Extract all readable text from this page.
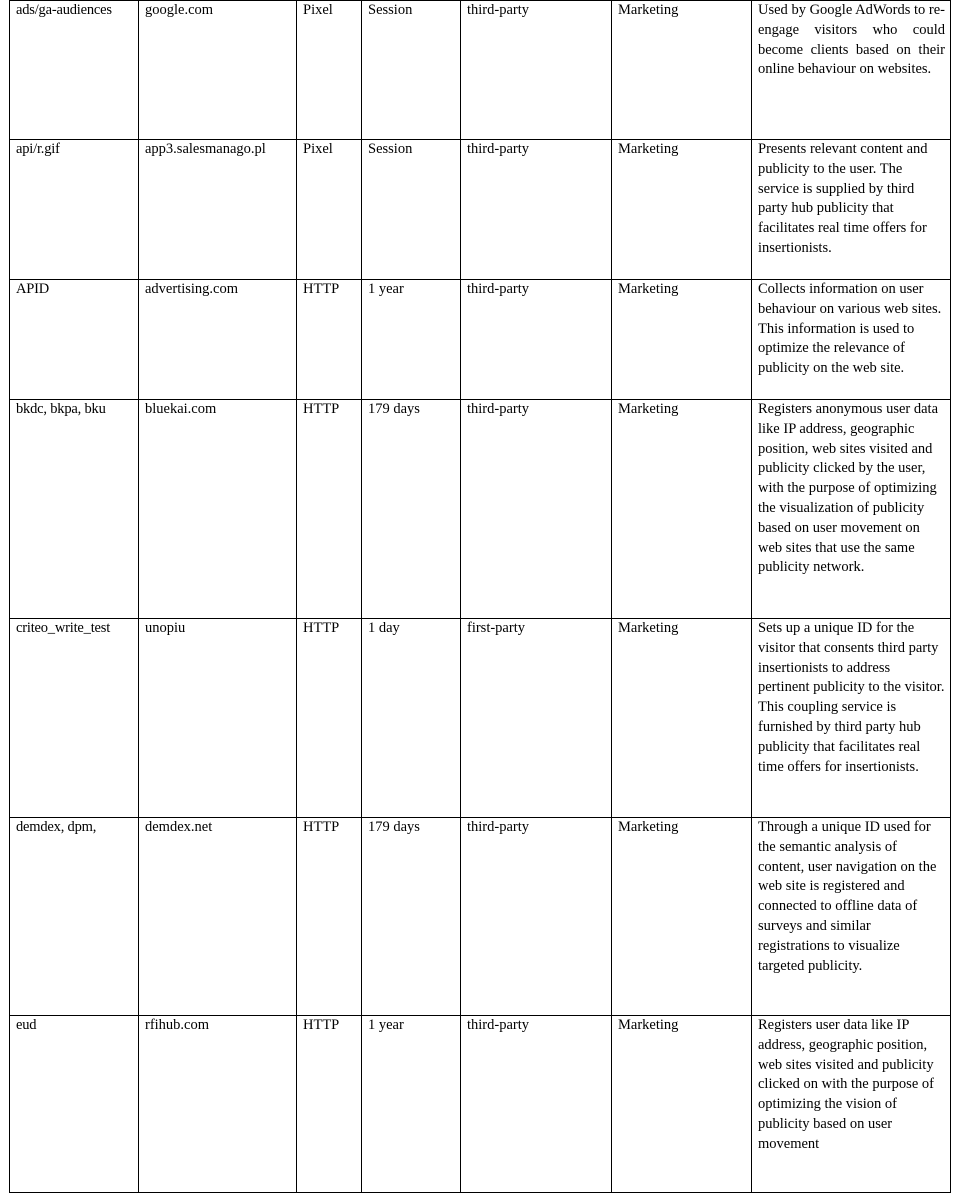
ads/ga-audiences	google.com	Pixel	Session	third-party	Marketing	Used by Google AdWords to re-engage visitors who could become clients based on their online behaviour on websites.
api/r.gif	app3.salesmanago.pl	Pixel	Session	third-party	Marketing	Presents relevant content and publicity to the user. The service is supplied by third party hub publicity that facilitates real time offers for insertionists.
APID	advertising.com	HTTP	1 year	third-party	Marketing	Collects information on user behaviour on various web sites. This information is used to optimize the relevance of publicity on the web site.
bkdc, bkpa, bku	bluekai.com	HTTP	179 days	third-party	Marketing	Registers anonymous user data like IP address, geographic position, web sites visited and publicity clicked by the user, with the purpose of optimizing the visualization of publicity based on user movement on web sites that use the same publicity network.
criteo_write_test	unopiu	HTTP	1 day	first-party	Marketing	Sets up a unique ID for the visitor that consents third party insertionists to address pertinent publicity to the visitor. This coupling service is furnished by third party hub publicity that facilitates real time offers for insertionists.
demdex, dpm,	demdex.net	HTTP	179 days	third-party	Marketing	Through a unique ID used for the semantic analysis of content, user navigation on the web site is registered and connected to offline data of surveys and similar registrations to visualize targeted publicity.
eud	rfihub.com	HTTP	1 year	third-party	Marketing	Registers user data like IP address, geographic position, web sites visited and publicity clicked on with the purpose of optimizing the vision of publicity based on user movement
